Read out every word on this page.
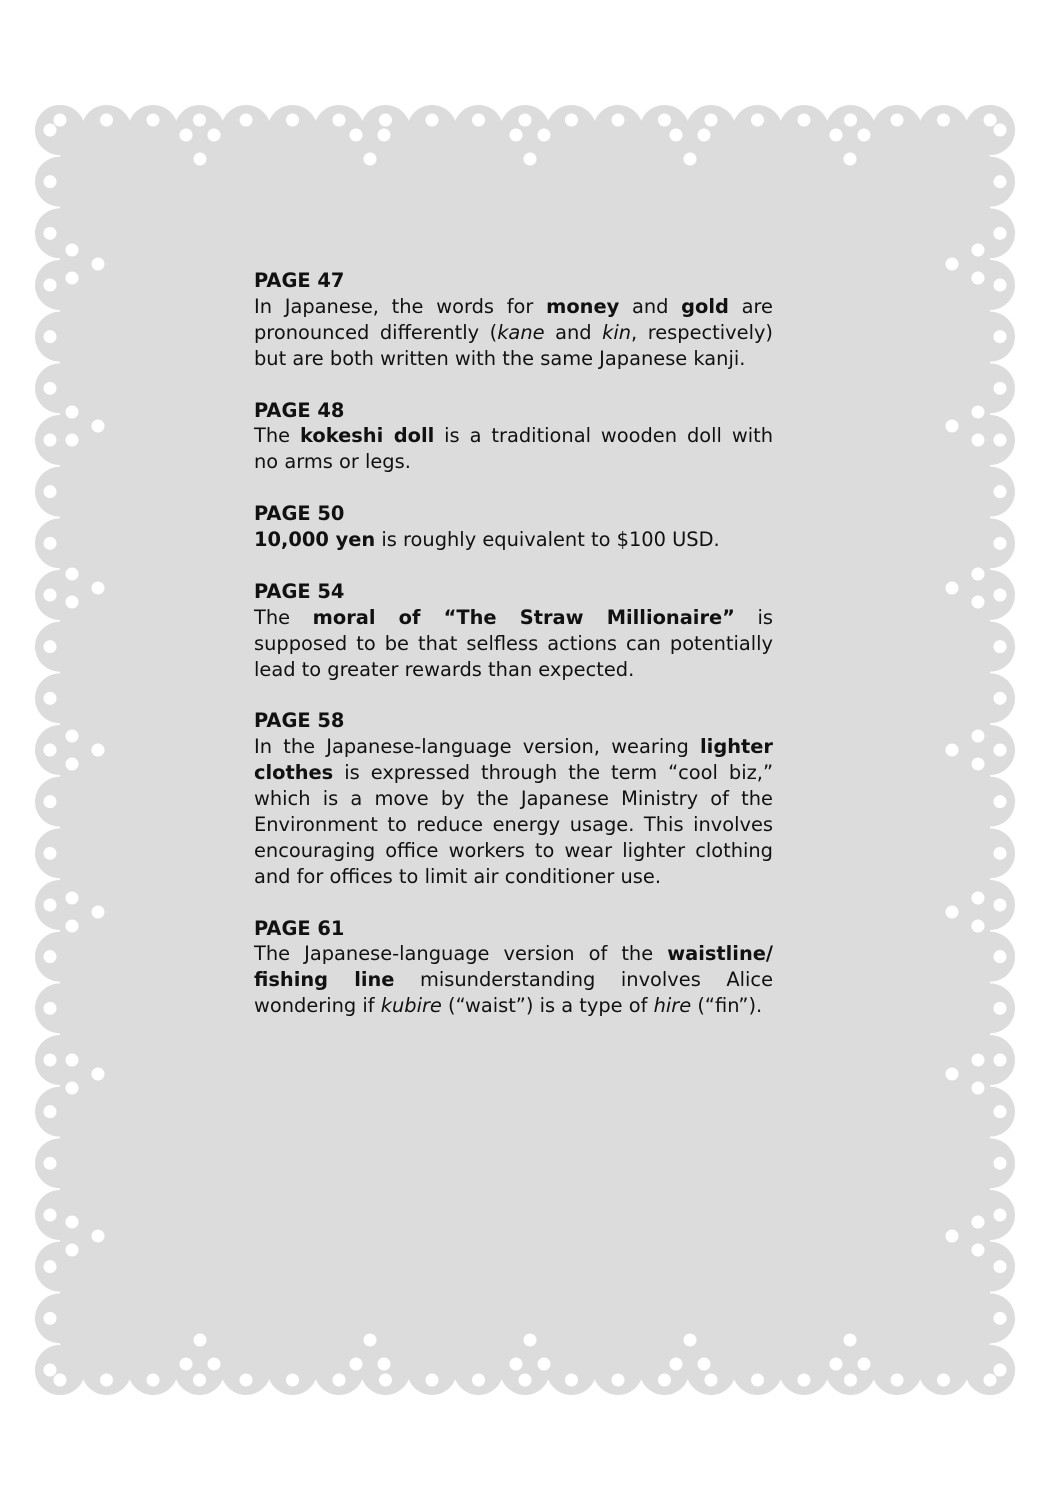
PAGE 47
In Japanese, the words for money and gold are pronounced differently (kane and kin, respectively) but are both written with the same Japanese kanji.
PAGE 48
The kokeshi doll is a traditional wooden doll with no arms or legs.
PAGE 50
10,000 yen is roughly equivalent to $100 USD.
PAGE 54
The moral of “The Straw Millionaire” is supposed to be that selfless actions can potentially lead to greater rewards than expected.
PAGE 58
In the Japanese-language version, wearing lighter clothes is expressed through the term “cool biz,” which is a move by the Japanese Ministry of the Environment to reduce energy usage. This involves encouraging office workers to wear lighter clothing and for offices to limit air conditioner use.
PAGE 61
The Japanese-language version of the waistline/ fishing line misunderstanding involves Alice wondering if kubire (“waist”) is a type of hire (“fin”).
